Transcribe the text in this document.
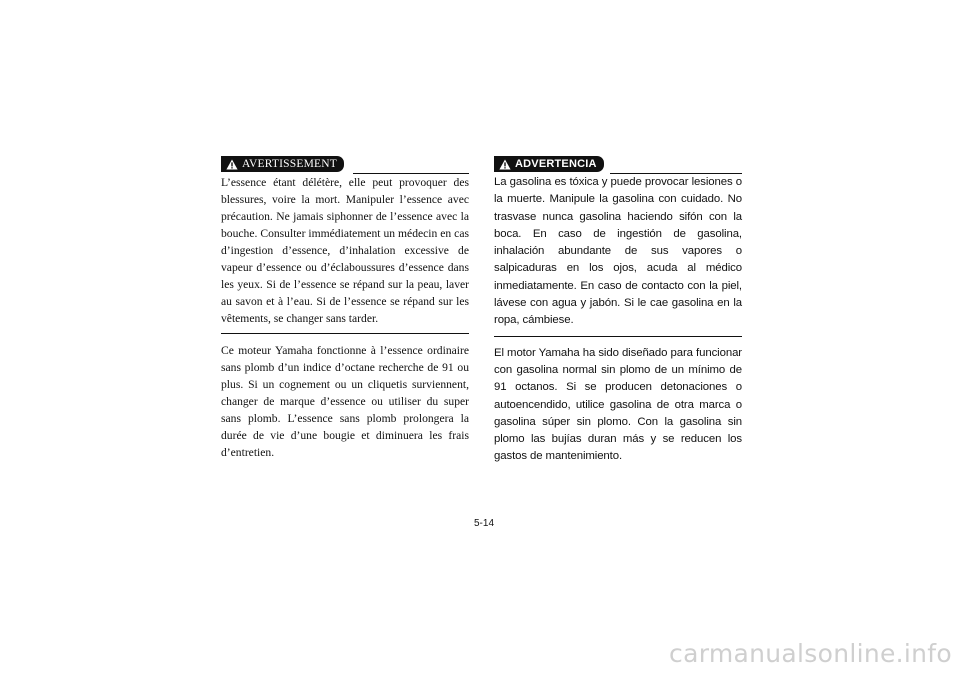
AVERTISSEMENT

L’essence étant délétère, elle peut provoquer des blessures, voire la mort. Manipuler l’essence avec précaution. Ne jamais siphonner de l’essence avec la bouche. Consulter immédiatement un médecin en cas d’ingestion d’essence, d’inhalation excessive de vapeur d’essence ou d’éclaboussures d’essence dans les yeux. Si de l’essence se répand sur la peau, laver au savon et à l’eau. Si de l’essence se répand sur les vêtements, se changer sans tarder.

Ce moteur Yamaha fonctionne à l’essence ordinaire sans plomb d’un indice d’octane recherche de 91 ou plus. Si un cognement ou un cliquetis surviennent, changer de marque d’essence ou utiliser du super sans plomb. L’essence sans plomb prolongera la durée de vie d’une bougie et diminuera les frais d’entretien.

ADVERTENCIA

La gasolina es tóxica y puede provocar lesiones o la muerte. Manipule la gasolina con cuidado. No trasvase nunca gasolina haciendo sifón con la boca. En caso de ingestión de gasolina, inhalación abundante de sus vapores o salpicaduras en los ojos, acuda al médico inmediatamente. En caso de contacto con la piel, lávese con agua y jabón. Si le cae gasolina en la ropa, cámbiese.

El motor Yamaha ha sido diseñado para funcionar con gasolina normal sin plomo de un mínimo de 91 octanos. Si se producen detonaciones o autoencendido, utilice gasolina de otra marca o gasolina súper sin plomo. Con la gasolina sin plomo las bujías duran más y se reducen los gastos de mantenimiento.

5-14
carmanualsonline.info
